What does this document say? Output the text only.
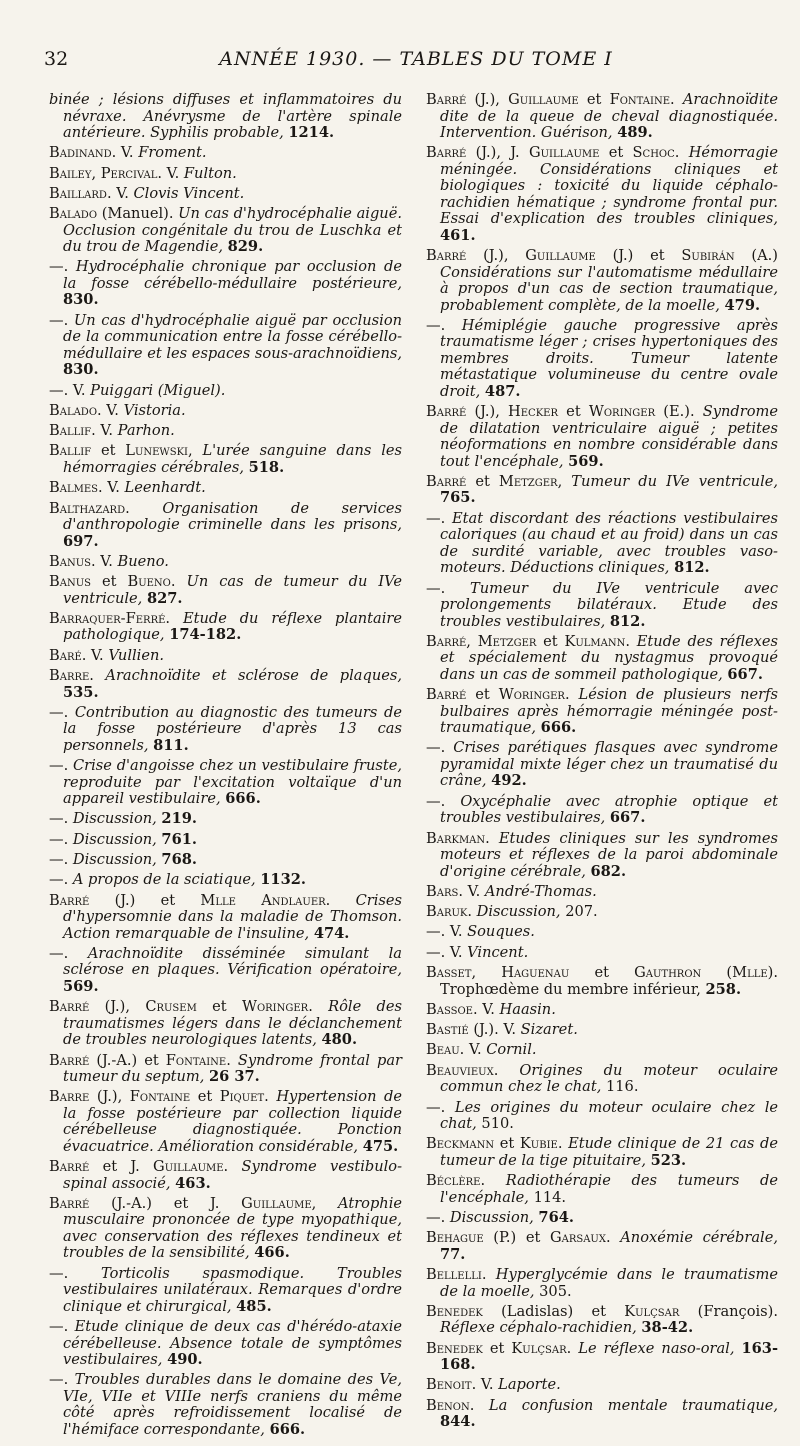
32	ANNÉE 1930. — TABLES DU TOME I

binée ; lésions diffuses et inflammatoires du névraxe. Anévrysme de l'artère spinale antérieure. Syphilis probable, 1214.

Badinand. V. Froment.

Bailey, Percival. V. Fulton.

Baillard. V. Clovis Vincent.

Balado (Manuel). Un cas d'hydrocéphalie aiguë. Occlusion congénitale du trou de Luschka et du trou de Magendie, 829.

—. Hydrocéphalie chronique par occlusion de la fosse cérébello-médullaire postérieure, 830.

—. Un cas d'hydrocéphalie aiguë par occlusion de la communication entre la fosse cérébello-médullaire et les espaces sous-arachnoïdiens, 830.

—. V. Puiggari (Miguel).

Balado. V. Vistoria.

Ballif. V. Parhon.

Ballif et Lunewski, L'urée sanguine dans les hémorragies cérébrales, 518.

Balmes. V. Leenhardt.

Balthazard. Organisation de services d'anthropologie criminelle dans les prisons, 697.

Banus. V. Bueno.

Banus et Bueno. Un cas de tumeur du IVe ventricule, 827.

Barraquer-Ferré. Etude du réflexe plantaire pathologique, 174-182.

Baré. V. Vullien.

Barre. Arachnoïdite et sclérose de plaques, 535.

—. Contribution au diagnostic des tumeurs de la fosse postérieure d'après 13 cas personnels, 811.

—. Crise d'angoisse chez un vestibulaire fruste, reproduite par l'excitation voltaïque d'un appareil vestibulaire, 666.

—. Discussion, 219.

—. Discussion, 761.

—. Discussion, 768.

—. A propos de la sciatique, 1132.

Barré (J.) et Mlle Andlauer. Crises d'hypersomnie dans la maladie de Thomson. Action remarquable de l'insuline, 474.

—. Arachnoïdite disséminée simulant la sclérose en plaques. Vérification opératoire, 569.

Barré (J.), Crusem et Woringer. Rôle des traumatismes légers dans le déclanchement de troubles neurologiques latents, 480.

Barré (J.-A.) et Fontaine. Syndrome frontal par tumeur du septum, 26 37.

Barre (J.), Fontaine et Piquet. Hypertension de la fosse postérieure par collection liquide cérébelleuse diagnostiquée. Ponction évacuatrice. Amélioration considérable, 475.

Barré et J. Guillaume. Syndrome vestibulo-spinal associé, 463.

Barré (J.-A.) et J. Guillaume, Atrophie musculaire prononcée de type myopathique, avec conservation des réflexes tendineux et troubles de la sensibilité, 466.

—. Torticolis spasmodique. Troubles vestibulaires unilatéraux. Remarques d'ordre clinique et chirurgical, 485.

—. Etude clinique de deux cas d'hérédo-ataxie cérébelleuse. Absence totale de symptômes vestibulaires, 490.

—. Troubles durables dans le domaine des Ve, VIe, VIIe et VIIIe nerfs craniens du même côté après refroidissement localisé de l'hémiface correspondante, 666.

Barré (J.), Guillaume et Fontaine. Arachnoïdite dite de la queue de cheval diagnostiquée. Intervention. Guérison, 489.

Barré (J.), J. Guillaume et Schoc. Hémorragie méningée. Considérations cliniques et biologiques : toxicité du liquide céphalo-rachidien hématique ; syndrome frontal pur. Essai d'explication des troubles cliniques, 461.

Barré (J.), Guillaume (J.) et Subirán (A.) Considérations sur l'automatisme médullaire à propos d'un cas de section traumatique, probablement complète, de la moelle, 479.

—. Hémiplégie gauche progressive après traumatisme léger ; crises hypertoniques des membres droits. Tumeur latente métastatique volumineuse du centre ovale droit, 487.

Barré (J.), Hecker et Woringer (E.). Syndrome de dilatation ventriculaire aiguë ; petites néoformations en nombre considérable dans tout l'encéphale, 569.

Barré et Metzger, Tumeur du IVe ventricule, 765.

—. Etat discordant des réactions vestibulaires caloriques (au chaud et au froid) dans un cas de surdité variable, avec troubles vaso-moteurs. Déductions cliniques, 812.

—. Tumeur du IVe ventricule avec prolongements bilatéraux. Etude des troubles vestibulaires, 812.

Barré, Metzger et Kulmann. Etude des réflexes et spécialement du nystagmus provoqué dans un cas de sommeil pathologique, 667.

Barré et Woringer. Lésion de plusieurs nerfs bulbaires après hémorragie méningée post-traumatique, 666.

—. Crises parétiques flasques avec syndrome pyramidal mixte léger chez un traumatisé du crâne, 492.

—. Oxycéphalie avec atrophie optique et troubles vestibulaires, 667.

Barkman. Etudes cliniques sur les syndromes moteurs et réflexes de la paroi abdominale d'origine cérébrale, 682.

Bars. V. André-Thomas.

Baruk. Discussion, 207.

—. V. Souques.

—. V. Vincent.

Basset, Haguenau et Gauthron (Mlle). Trophœdème du membre inférieur, 258.

Bassoe. V. Haasin.

Bastié (J.). V. Sizaret.

Beau. V. Cornil.

Beauvieux. Origines du moteur oculaire commun chez le chat, 116.

—. Les origines du moteur oculaire chez le chat, 510.

Beckmann et Kubie. Etude clinique de 21 cas de tumeur de la tige pituitaire, 523.

Béclère. Radiothérapie des tumeurs de l'encéphale, 114.

—. Discussion, 764.

Behague (P.) et Garsaux. Anoxémie cérébrale, 77.

Bellelli. Hyperglycémie dans le traumatisme de la moelle, 305.

Benedek (Ladislas) et Kulçsar (François). Réflexe céphalo-rachidien, 38-42.

Benedek et Kulçsar. Le réflexe naso-oral, 163-168.

Benoit. V. Laporte.

Benon. La confusion mentale traumatique, 844.
